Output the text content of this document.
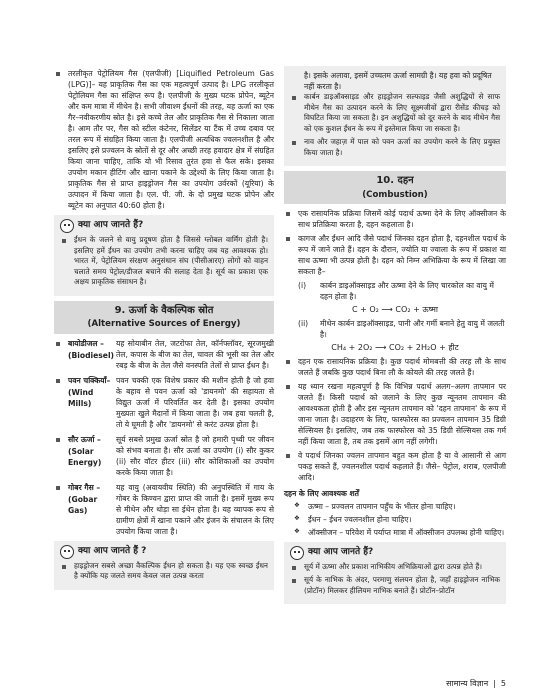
तरलीकृत पेट्रोलियम गैस (एलपीजी) [Liquified Petroleum Gas (LPG)]– यह प्राकृतिक गैस का एक महत्वपूर्ण उत्पाद है। LPG तरलीकृत पेट्रोलियम गैस का संक्षिप्त रूप है। एलपीजी के मुख्य घटक प्रोपेन, ब्यूटेन और कम मात्रा में मीथेन है। सभी जीवाश्म ईंधनों की तरह, यह ऊर्जा का एक गैर–नवीकरणीय स्रोत है। इसे कच्चे तेल और प्राकृतिक गैस से निकाला जाता है। आम तौर पर, गैस को स्टील कंटेनर, सिलेंडर या टैंक में उच्च दबाव पर तरल रूप में संग्रहित किया जाता है। एलपीजी अत्यधिक ज्वलनशील है और इसलिए इसे प्रज्वलन के स्रोतों से दूर और अच्छी तरह हवादार क्षेत्र में संग्रहित किया जाना चाहिए, ताकि यो भी रिसाव तुरंत हवा से फैल सके। इसका उपयोग मकान हीटिंग और खाना पकाने के उद्देश्यों के लिए किया जाता है। प्राकृतिक गैस से प्राप्त हाइड्रोजन गैस का उपयोग उर्वरकों (यूरिया) के उत्पादन में किया जाता है। एल. पी. जी. के दो प्रमुख घटक प्रोपेन और ब्यूटेन का अनुपात 40:60 होता है।
क्या आप जानते हैं?
ईंधन के जलने से वायु प्रदूषण होता है जिससे ग्लोबल वार्मिंग होती है। इसलिए हमें ईंधन का उपयोग तभी करना चाहिए जब यह आवश्यक हो। भारत में, पेट्रोलियम संरक्षण अनुसंधान संघ (पीसीआरए) लोगों को वाहन चलाते समय पेट्रोल/डीजल बचाने की सलाह देता है। सूर्य का प्रकाश एक अक्षय प्राकृतिक संसाधन है।
9. ऊर्जा के वैकल्पिक स्रोत
(Alternative Sources of Energy)
बायोडीजल –
(Biodiesel)
यह सोयाबीन तेल, जटरोफा तेल, कॉर्नफ्लॉवर, सूरजमुखी तेल, कपास के बीज का तेल, चावल की भूसी का तेल और रबड़ के बीज के तेल जैसे वनस्पति तेलों से प्राप्त ईंधन है।
पवन चक्कियाँ–
(Wind Mills)
पवन चक्की एक विशेष प्रकार की मशीन होती है जो हवा के बहाव से पवन ऊर्जा को 'डायनमो' की सहायता से विद्युत ऊर्जा में परिवर्तित कर देती है। इसका उपयोग मुख्यतः खुले मैदानों में किया जाता है। जब हवा चलती है, तो ये घूमती है और 'डायनमो' से करंट उत्पन्न होता है।
सौर ऊर्जा –
(Solar
Energy)
सूर्य सबसे प्रमुख ऊर्जा स्रोत है जो हमारी पृथ्वी पर जीवन को संभव बनाता है। सौर ऊर्जा का उपयोग (i) सौर कुकर (ii) सौर वॉटर हीटर (iii) सौर कोशिकाओं का उपयोग करके किया जाता है।
गोबर गैस –
(Gobar Gas)
यह वायु (अवायवीय स्थिति) की अनुपस्थिति में गाय के गोबर के किण्वन द्वारा प्राप्त की जाती है। इसमें मुख्य रूप से मीथेन और थोड़ा सा ईथेन होता है। यह व्यापक रूप से ग्रामीण क्षेत्रों में खाना पकाने और इंजन के संचालन के लिए उपयोग किया जाता है।
क्या आप जानते हैं ?
हाइड्रोजन सबसे अच्छा वैकल्पिक ईंधन हो सकता है। यह एक स्वच्छ ईंधन है क्योंकि यह जलते समय केवल जल उत्पन्न करता
है। इसके अलावा, इसमें उच्चतम ऊर्जा सामग्री है। यह हवा को प्रदूषित नहीं करता है।
कार्बन डाइऑक्साइड और हाइड्रोजन सल्फाइड जैसी अशुद्धियों से साफ मीथेन गैस का उत्पादन करने के लिए सूक्ष्मजीवों द्वारा रीसेंड कीचड़ को विघटित किया जा सकता है। इन अशुद्धियों को दूर करने के बाद मीथेन गैस को एक कुशल ईंधन के रूप में इस्तेमाल किया जा सकता है।
नाव और जहाज़ में पाल को पवन ऊर्जा का उपयोग करने के लिए प्रयुक्त किया जाता है।
10. दहन
(Combustion)
एक रासायनिक प्रक्रिया जिसमें कोई पदार्थ ऊष्मा देने के लिए ऑक्सीजन के साथ प्रतिक्रिया करता है, दहन कहलाता है।
कागज और ईंधन आदि जैसे पदार्थ जिनका दहन होता है, दहनशील पदार्थ के रूप में जाने जाते हैं। दहन के दौरान, ज्योति या ज्वाला के रूप में प्रकाश या साथ ऊष्मा भी उत्पन्न होती है। दहन को निम्न अभिक्रिया के रूप में लिखा जा सकता है–
(i)	कार्बन डाइऑक्साइड और ऊष्मा देने के लिए चारकोल का वायु में दहन होता है।
C + O₂ ⟶ CO₂ + ऊष्मा
(ii)	मीथेन कार्बन डाइऑक्साइड, पानी और गर्मी बनाने हेतु वायु में जलती है।
CH₄ + 2O₂ ⟶ CO₂ + 2H₂O + हीट
दहन एक रासायनिक प्रक्रिया है। कुछ पदार्थ मोमबत्ती की तरह लौ के साथ जलते हैं जबकि कुछ पदार्थ बिना लौ के कोयले की तरह जलते हैं।
यह ध्यान रखना महत्वपूर्ण है कि विभिन्न पदार्थ अलग–अलग तापमान पर जलते हैं। किसी पदार्थ को जलाने के लिए कुछ न्यूनतम तापमान की आवश्यकता होती है और इस न्यूनतम तापमान को 'दहन तापमान' के रूप में जाना जाता है। उदाहरण के लिए, फास्फोरस का प्रज्वलन तापमान 35 डिग्री सेल्सियस है। इसलिए, जब तक फास्फोरस को 35 डिग्री सेल्सियस तक गर्म नहीं किया जाता है, तब तक इसमें आग नहीं लगेगी।
वे पदार्थ जिनका ज्वलन तापमान बहुत कम होता है या वे आसानी से आग पकड़ सकते हैं, ज्वलनशील पदार्थ कहलाते हैं। जैसे– पेट्रोल, शराब, एलपीजी आदि।
दहन के लिए आवश्यक शर्तें
❖ ऊष्मा – प्रज्वलन तापमान पहुँच के भीतर होना चाहिए।
❖ ईंधन – ईंधन ज्वलनशील होना चाहिए।
❖ ऑक्सीजन – परिवेश में पर्याप्त मात्रा में ऑक्सीजन उपलब्ध होनी चाहिए।
क्या आप जानते हैं?
सूर्य में ऊष्मा और प्रकाश नाभिकीय अभिक्रियाओं द्वारा उत्पन्न होते हैं।
सूर्य के नाभिक के अंदर, परमाणु संलयन होता है, जहाँ हाइड्रोजन नाभिक (प्रोटॉन) मिलकर हीलियम नाभिक बनाते हैं। प्रोटॉन–प्रोटॉन
सामान्य विज्ञान | 5
